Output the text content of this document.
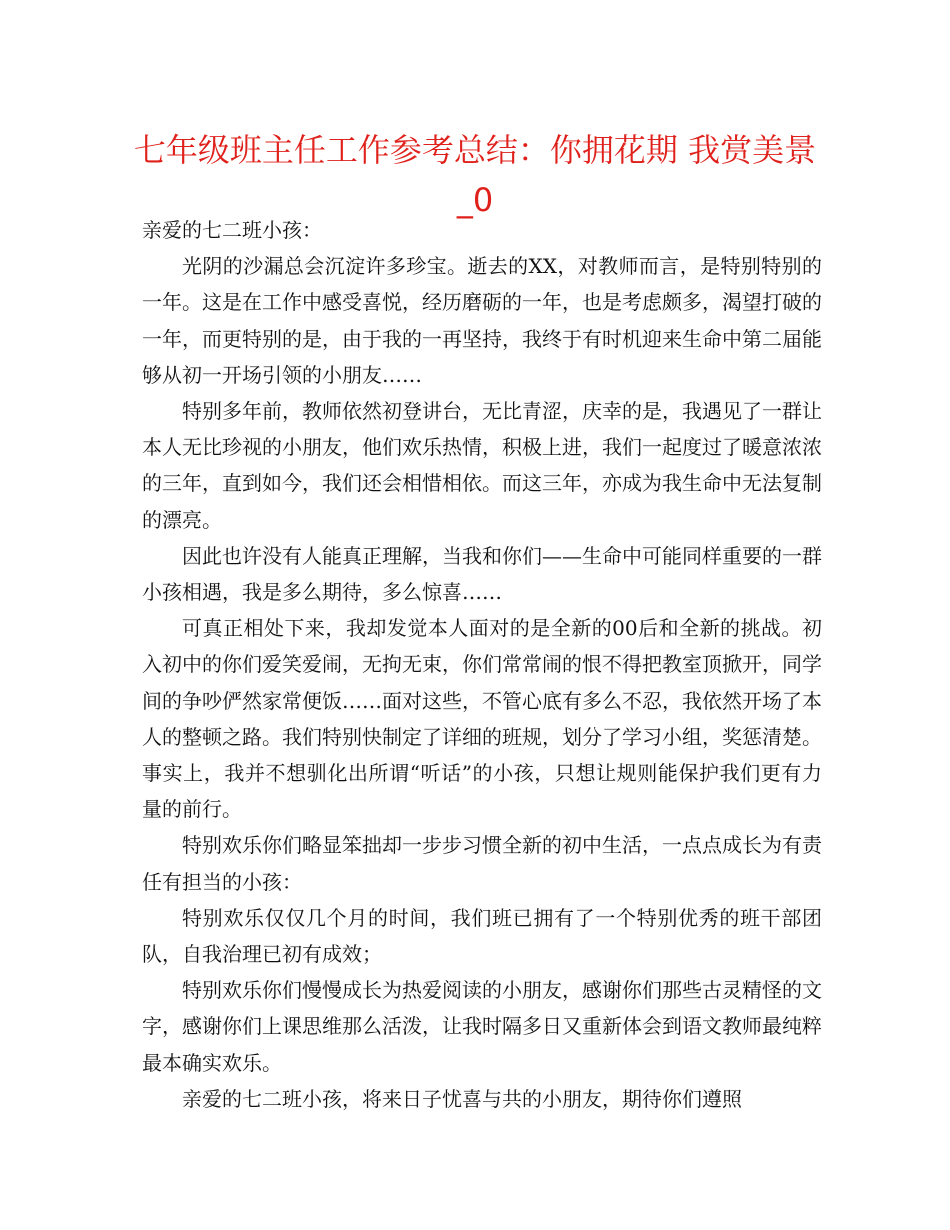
七年级班主任工作参考总结：你拥花期 我赏美景_0

亲爱的七二班小孩：

光阴的沙漏总会沉淀许多珍宝。逝去的XX，对教师而言，是特别特别的一年。这是在工作中感受喜悦，经历磨砺的一年，也是考虑颇多，渴望打破的一年，而更特别的是，由于我的一再坚持，我终于有时机迎来生命中第二届能够从初一开场引领的小朋友……

特别多年前，教师依然初登讲台，无比青涩，庆幸的是，我遇见了一群让本人无比珍视的小朋友，他们欢乐热情，积极上进，我们一起度过了暖意浓浓的三年，直到如今，我们还会相惜相依。而这三年，亦成为我生命中无法复制的漂亮。

因此也许没有人能真正理解，当我和你们——生命中可能同样重要的一群小孩相遇，我是多么期待，多么惊喜……

可真正相处下来，我却发觉本人面对的是全新的00后和全新的挑战。初入初中的你们爱笑爱闹，无拘无束，你们常常闹的恨不得把教室顶掀开，同学间的争吵俨然家常便饭……面对这些，不管心底有多么不忍，我依然开场了本人的整顿之路。我们特别快制定了详细的班规，划分了学习小组，奖惩清楚。事实上，我并不想驯化出所谓“听话”的小孩，只想让规则能保护我们更有力量的前行。

特别欢乐你们略显笨拙却一步步习惯全新的初中生活，一点点成长为有责任有担当的小孩：

特别欢乐仅仅几个月的时间，我们班已拥有了一个特别优秀的班干部团队，自我治理已初有成效；

特别欢乐你们慢慢成长为热爱阅读的小朋友，感谢你们那些古灵精怪的文字，感谢你们上课思维那么活泼，让我时隔多日又重新体会到语文教师最纯粹最本确实欢乐。

亲爱的七二班小孩，将来日子忧喜与共的小朋友，期待你们遵照
